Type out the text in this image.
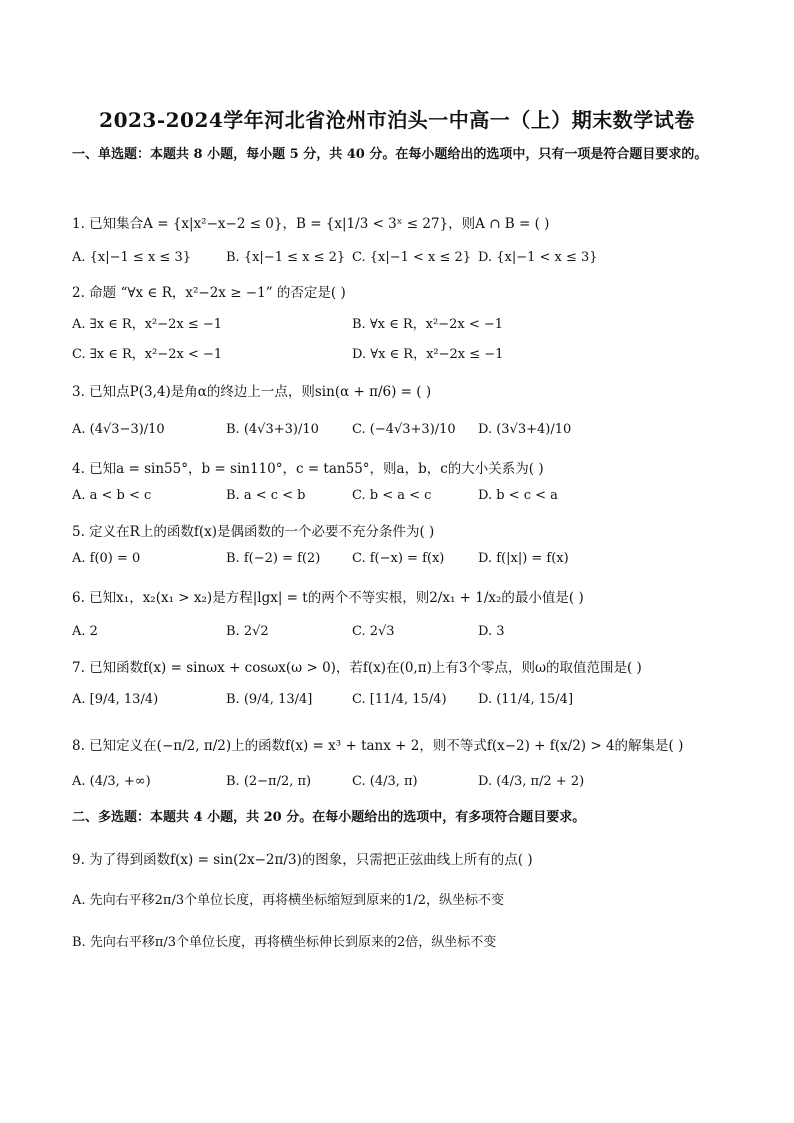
2023-2024学年河北省沧州市泊头一中高一（上）期末数学试卷
一、单选题：本题共 8 小题，每小题 5 分，共 40 分。在每小题给出的选项中，只有一项是符合题目要求的。
1. 已知集合A = {x|x²−x−2 ≤ 0}，B = {x|1/3 < 3ˣ ≤ 27}，则A ∩ B = ( )
A. {x|−1 ≤ x ≤ 3}	B. {x|−1 ≤ x ≤ 2} C. {x|−1 < x ≤ 2} D. {x|−1 < x ≤ 3}
2. 命题 “∀x ∈ R，x²−2x ≥ −1” 的否定是( )
A. ∃x ∈ R，x²−2x ≤ −1	B. ∀x ∈ R，x²−2x < −1
C. ∃x ∈ R，x²−2x < −1	D. ∀x ∈ R，x²−2x ≤ −1
3. 已知点P(3,4)是角α的终边上一点，则sin(α + π/6) = ( )
A. (4√3−3)/10	B. (4√3+3)/10	C. (−4√3+3)/10 D. (3√3+4)/10
4. 已知a = sin55°，b = sin110°，c = tan55°，则a，b，c的大小关系为( )
A. a < b < c	B. a < c < b	C. b < a < c	D. b < c < a
5. 定义在R上的函数f(x)是偶函数的一个必要不充分条件为( )
A. f(0) = 0	B. f(−2) = f(2) C. f(−x) = f(x)	D. f(|x|) = f(x)
6. 已知x₁，x₂(x₁ > x₂)是方程|lgx| = t的两个不等实根，则2/x₁ + 1/x₂的最小值是( )
A. 2	B. 2√2	C. 2√3	D. 3
7. 已知函数f(x) = sinωx + cosωx(ω > 0)，若f(x)在(0,π)上有3个零点，则ω的取值范围是( )
A. [9/4, 13/4)	B. (9/4, 13/4]	C. [11/4, 15/4) D. (11/4, 15/4]
8. 已知定义在(−π/2, π/2)上的函数f(x) = x³ + tanx + 2，则不等式f(x−2) + f(x/2) > 4的解集是( )
A. (4/3, +∞)	B. (2−π/2, π)	C. (4/3, π)	D. (4/3, π/2 + 2)
二、多选题：本题共 4 小题，共 20 分。在每小题给出的选项中，有多项符合题目要求。
9. 为了得到函数f(x) = sin(2x−2π/3)的图象，只需把正弦曲线上所有的点( )
A. 先向右平移2π/3个单位长度，再将横坐标缩短到原来的1/2，纵坐标不变
B. 先向右平移π/3个单位长度，再将横坐标伸长到原来的2倍，纵坐标不变
